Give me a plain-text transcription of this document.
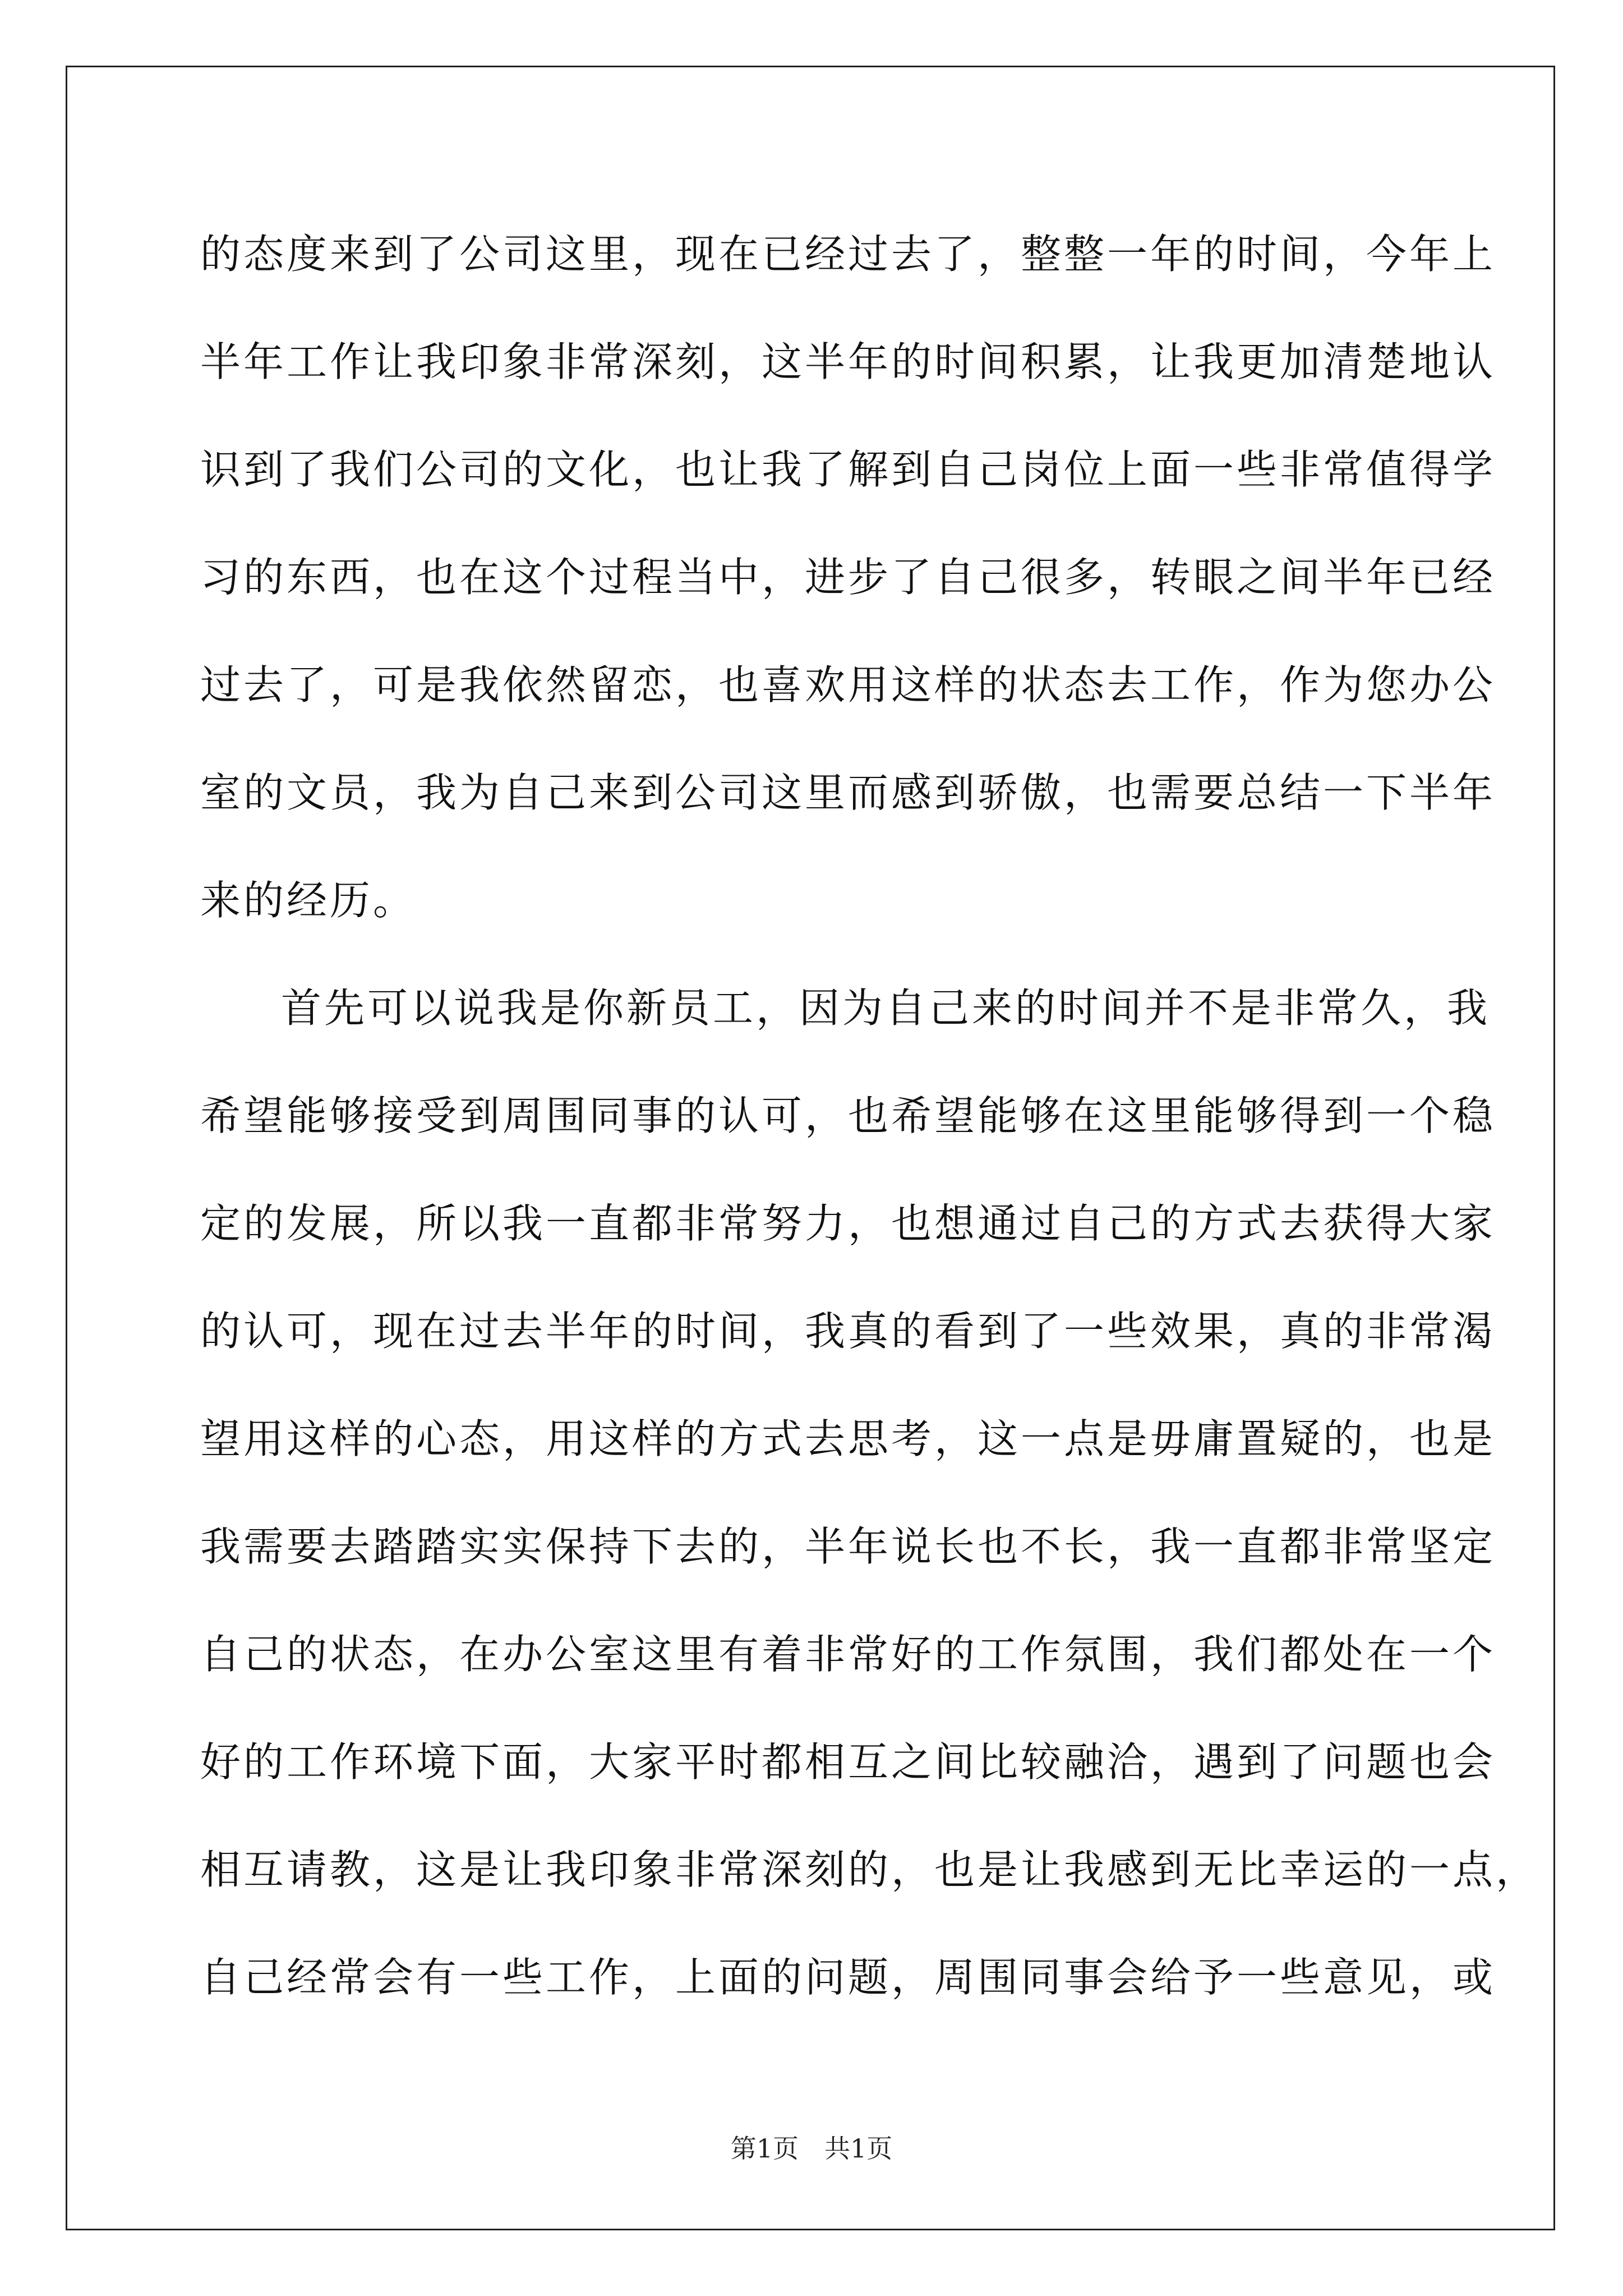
的态度来到了公司这里，现在已经过去了，整整一年的时间，今年上
半年工作让我印象非常深刻，这半年的时间积累，让我更加清楚地认
识到了我们公司的文化，也让我了解到自己岗位上面一些非常值得学
习的东西，也在这个过程当中，进步了自己很多，转眼之间半年已经
过去了，可是我依然留恋，也喜欢用这样的状态去工作，作为您办公
室的文员，我为自己来到公司这里而感到骄傲，也需要总结一下半年
来的经历。
首先可以说我是你新员工，因为自己来的时间并不是非常久，我
希望能够接受到周围同事的认可，也希望能够在这里能够得到一个稳
定的发展，所以我一直都非常努力，也想通过自己的方式去获得大家
的认可，现在过去半年的时间，我真的看到了一些效果，真的非常渴
望用这样的心态，用这样的方式去思考，这一点是毋庸置疑的，也是
我需要去踏踏实实保持下去的，半年说长也不长，我一直都非常坚定
自己的状态，在办公室这里有着非常好的工作氛围，我们都处在一个
好的工作环境下面，大家平时都相互之间比较融洽，遇到了问题也会
相互请教，这是让我印象非常深刻的，也是让我感到无比幸运的一点，
自己经常会有一些工作，上面的问题，周围同事会给予一些意见，或
第1页 共1页
